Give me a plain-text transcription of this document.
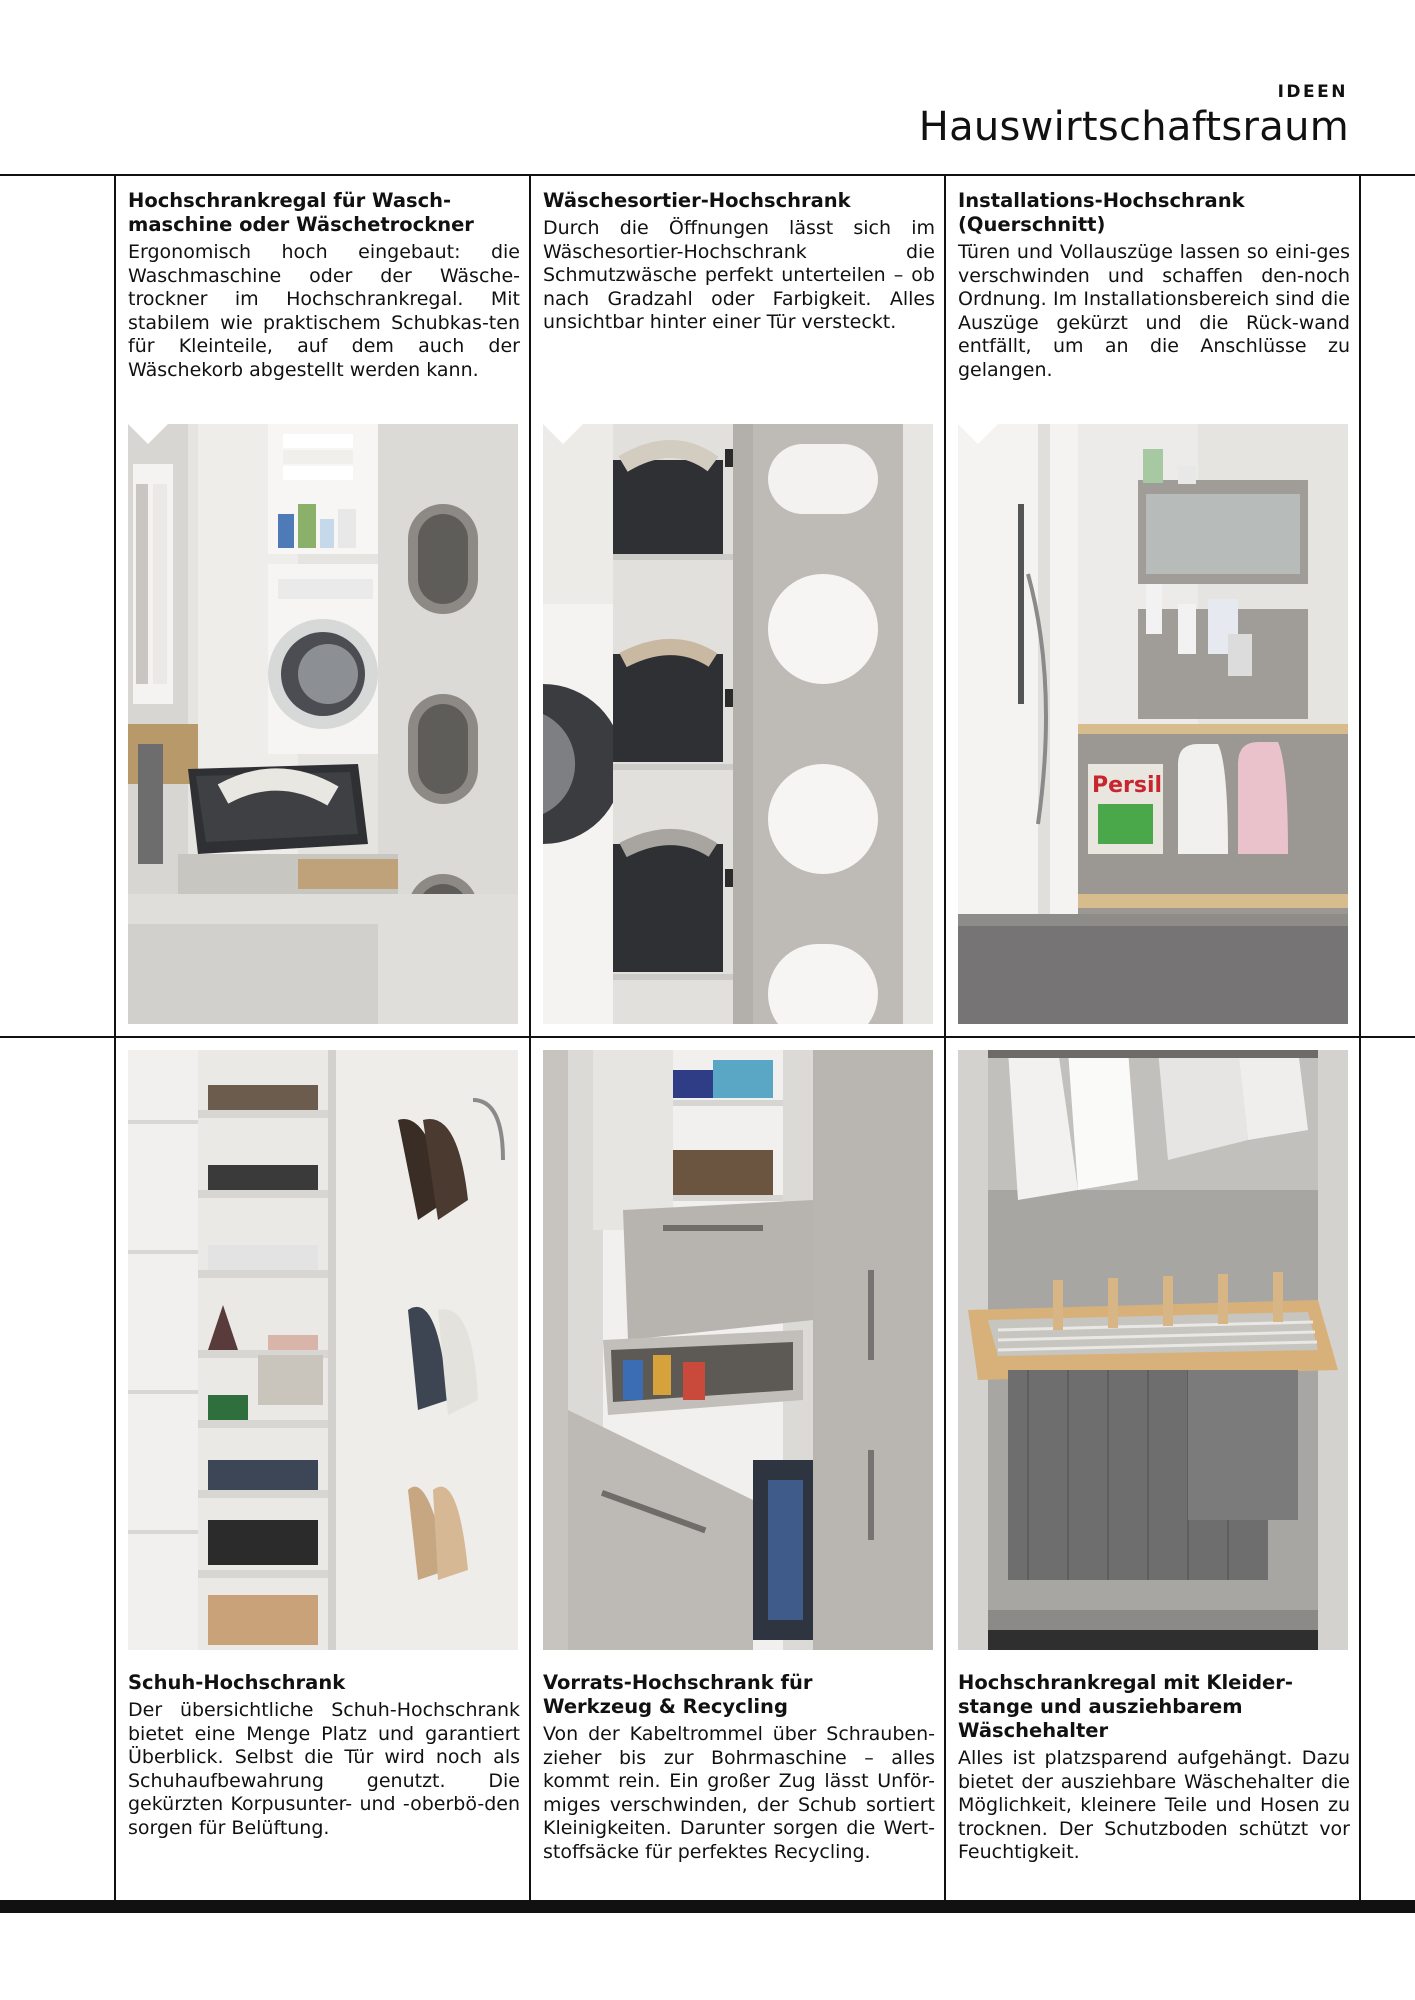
IDEEN
Hauswirtschaftsraum
Hochschrankregal für Wasch-
maschine oder Wäschetrockner

Ergonomisch hoch eingebaut: die Waschmaschine oder der Wäsche-trockner im Hochschrankregal. Mit stabilem wie praktischem Schubkas-ten für Kleinteile, auf dem auch der Wäschekorb abgestellt werden kann.

Wäschesortier-Hochschrank

Durch die Öffnungen lässt sich im Wäschesortier-Hochschrank die Schmutzwäsche perfekt unterteilen – ob nach Gradzahl oder Farbigkeit. Alles unsichtbar hinter einer Tür versteckt.

Installations-Hochschrank
(Querschnitt)

Türen und Vollauszüge lassen so eini-ges verschwinden und schaffen den-noch Ordnung. Im Installationsbereich sind die Auszüge gekürzt und die Rück-wand entfällt, um an die Anschlüsse zu gelangen.

Persil
Schuh-Hochschrank

Der übersichtliche Schuh-Hochschrank bietet eine Menge Platz und garantiert Überblick. Selbst die Tür wird noch als Schuhaufbewahrung genutzt. Die gekürzten Korpusunter- und -oberbö-den sorgen für Belüftung.

Vorrats-Hochschrank für
Werkzeug & Recycling

Von der Kabeltrommel über Schrauben-zieher bis zur Bohrmaschine – alles kommt rein. Ein großer Zug lässt Unför-miges verschwinden, der Schub sortiert Kleinigkeiten. Darunter sorgen die Wert-stoffsäcke für perfektes Recycling.

Hochschrankregal mit Kleider-
stange und ausziehbarem
Wäschehalter

Alles ist platzsparend aufgehängt. Dazu bietet der ausziehbare Wäschehalter die Möglichkeit, kleinere Teile und Hosen zu trocknen. Der Schutzboden schützt vor Feuchtigkeit.
